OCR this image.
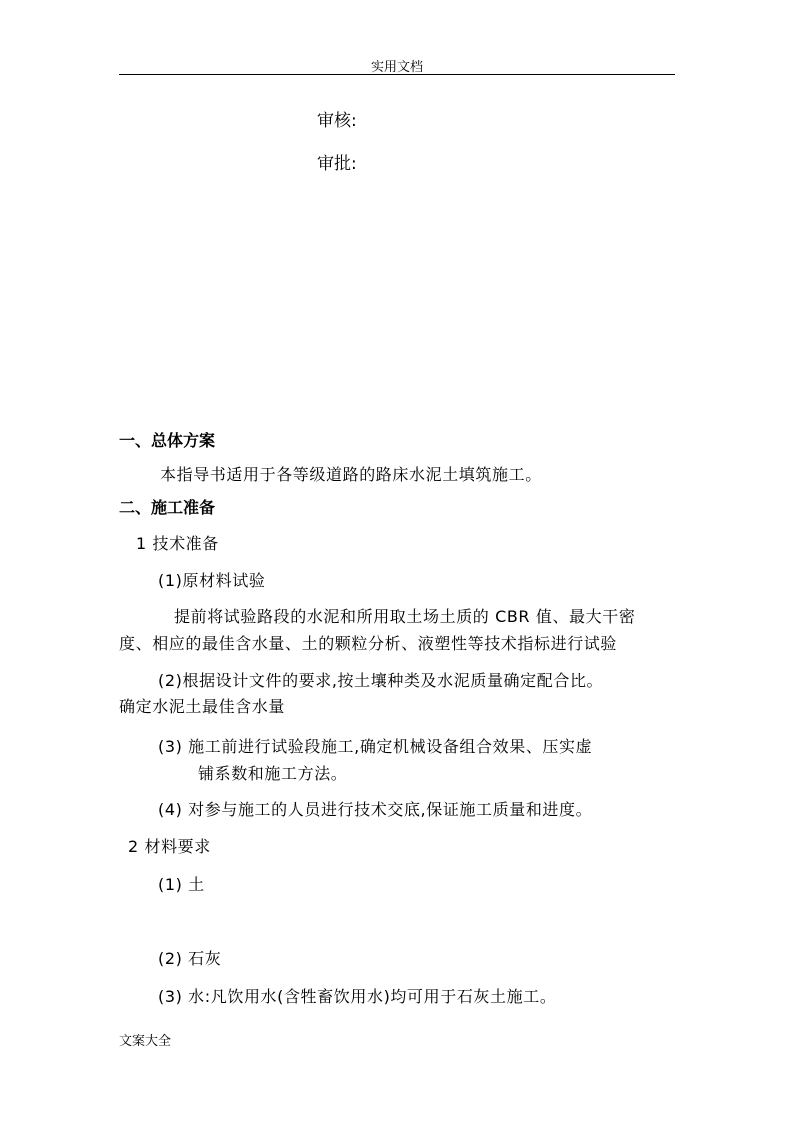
实用文档
审核:
审批:
一、总体方案
本指导书适用于各等级道路的路床水泥土填筑施工。
二、施工准备
1 技术准备
(1)原材料试验
提前将试验路段的水泥和所用取土场土质的 CBR 值、最大干密
度、相应的最佳含水量、土的颗粒分析、液塑性等技术指标进行试验
(2)根据设计文件的要求,按土壤种类及水泥质量确定配合比。
确定水泥土最佳含水量
(3) 施工前进行试验段施工,确定机械设备组合效果、压实虚
铺系数和施工方法。
(4) 对参与施工的人员进行技术交底,保证施工质量和进度。
2 材料要求
(1) 土
(2) 石灰
(3) 水:凡饮用水(含牲畜饮用水)均可用于石灰土施工。
文案大全
